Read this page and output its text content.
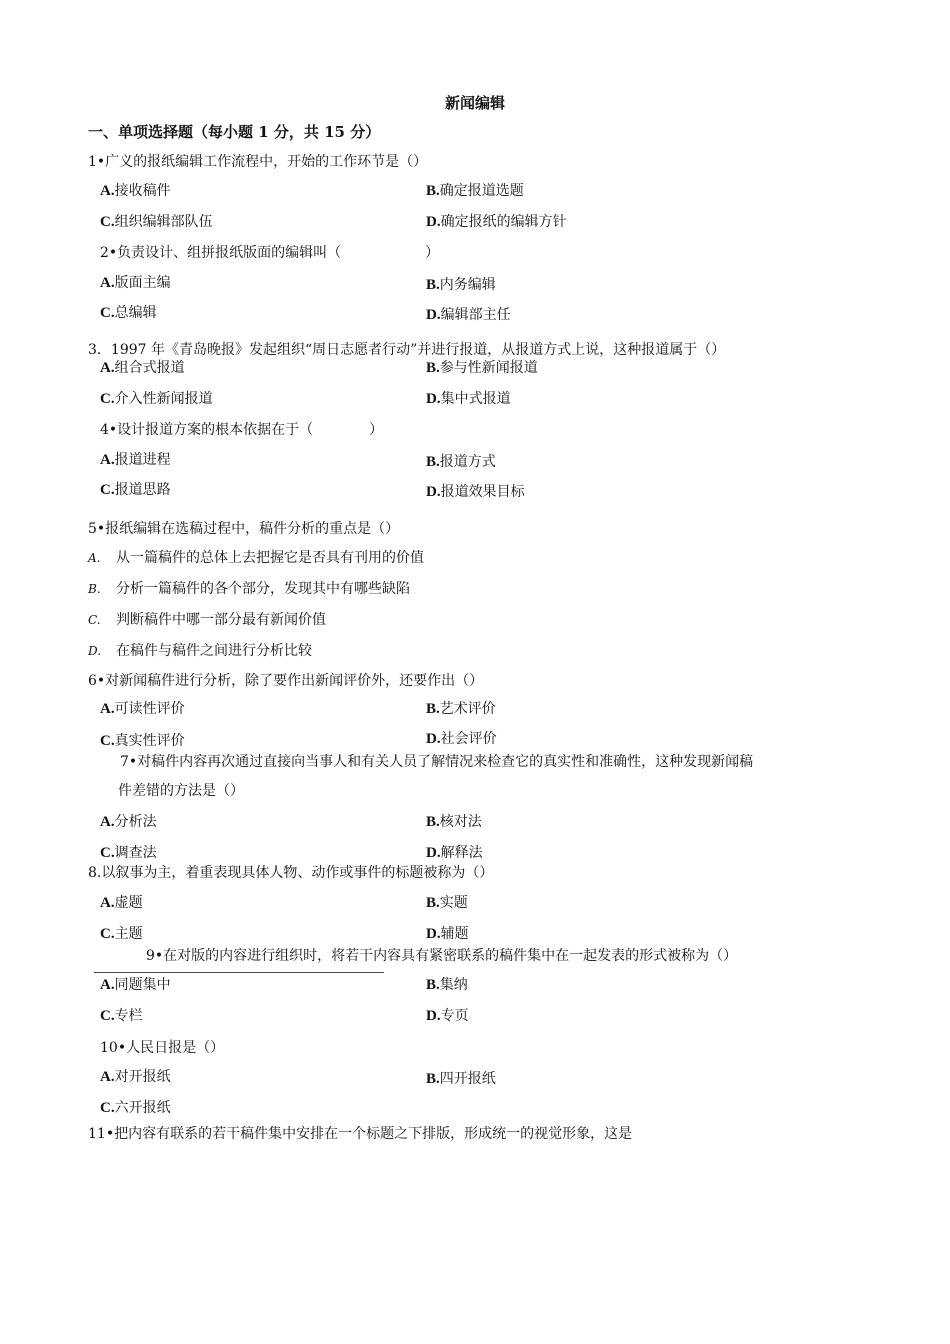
新闻编辑
一、单项选择题（每小题 1 分，共 15 分）
1•广义的报纸编辑工作流程中，开始的工作环节是（）
A.接收稿件	B.确定报道选题
C.组织编辑部队伍	D.确定报纸的编辑方针
2•负责设计、组拼报纸版面的编辑叫（　　　　　　）
A.版面主编	B.内务编辑
C.总编辑	D.编辑部主任
3．1997 年《青岛晚报》发起组织“周日志愿者行动”并进行报道，从报道方式上说，这种报道属于（）
A.组合式报道	B.参与性新闻报道
C.介入性新闻报道	D.集中式报道
4•设计报道方案的根本依据在于（　　　　）
A.报道进程	B.报道方式
C.报道思路	D.报道效果目标
5•报纸编辑在选稿过程中，稿件分析的重点是（）
A. 从一篇稿件的总体上去把握它是否具有刊用的价值
B. 分析一篇稿件的各个部分，发现其中有哪些缺陷
C. 判断稿件中哪一部分最有新闻价值
D. 在稿件与稿件之间进行分析比较
6•对新闻稿件进行分析，除了要作出新闻评价外，还要作出（）
A.可读性评价	B.艺术评价
C.真实性评价	D.社会评价
7•对稿件内容再次通过直接向当事人和有关人员了解情况来检查它的真实性和准确性，这种发现新闻稿
件差错的方法是（）
A.分析法	B.核对法
C.调查法	D.解释法
8.以叙事为主，着重表现具体人物、动作或事件的标题被称为（）
A.虚题	B.实题
C.主题	D.辅题
9•在对版的内容进行组织时，将若干内容具有紧密联系的稿件集中在一起发表的形式被称为（）
A.同题集中	B.集纳
C.专栏	D.专页
10•人民日报是（）
A.对开报纸	B.四开报纸
C.六开报纸
11•把内容有联系的若干稿件集中安排在一个标题之下排版，形成统一的视觉形象，这是
